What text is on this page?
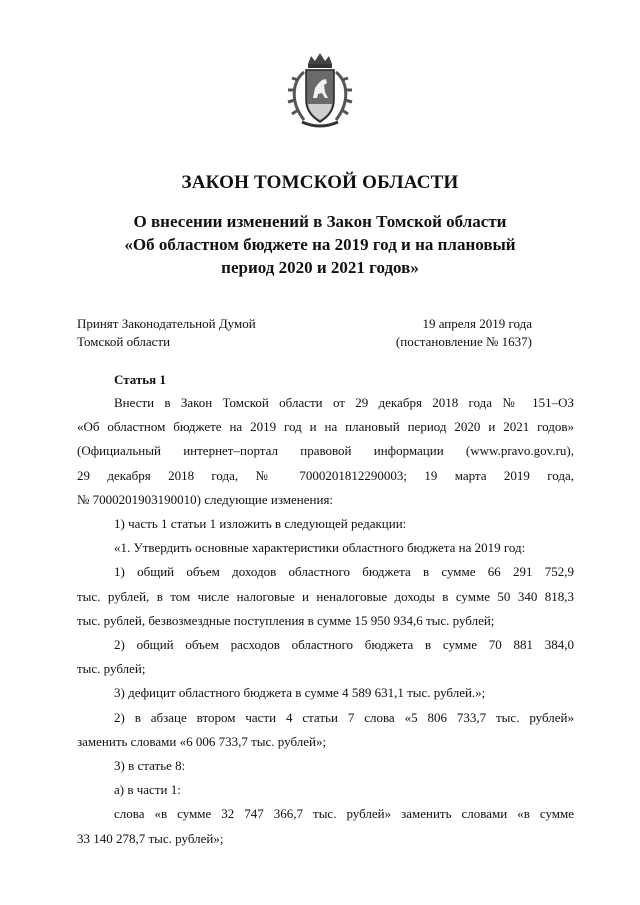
ЗАКОН ТОМСКОЙ ОБЛАСТИ
О внесении изменений в Закон Томской области
«Об областном бюджете на 2019 год и на плановый
период 2020 и 2021 годов»
Принят Законодательной Думой
Томской области
19 апреля 2019 года
(постановление № 1637)
Статья 1

Внести в Закон Томской области от 29 декабря 2018 года № 151–ОЗ

«Об областном бюджете на 2019 год и на плановый период 2020 и 2021 годов»

(Официальный интернет–портал правовой информации (www.pravo.gov.ru),

29 декабря 2018 года, № 7000201812290003; 19 марта 2019 года,

№ 7000201903190010) следующие изменения:

1) часть 1 статьи 1 изложить в следующей редакции:

«1. Утвердить основные характеристики областного бюджета на 2019 год:

1) общий объем доходов областного бюджета в сумме 66 291 752,9

тыс. рублей, в том числе налоговые и неналоговые доходы в сумме 50 340 818,3

тыс. рублей, безвозмездные поступления в сумме 15 950 934,6 тыс. рублей;

2) общий объем расходов областного бюджета в сумме 70 881 384,0

тыс. рублей;

3) дефицит областного бюджета в сумме 4 589 631,1 тыс. рублей.»;

2) в абзаце втором части 4 статьи 7 слова «5 806 733,7 тыс. рублей»

заменить словами «6 006 733,7 тыс. рублей»;

3) в статье 8:

а) в части 1:

слова «в сумме 32 747 366,7 тыс. рублей» заменить словами «в сумме

33 140 278,7 тыс. рублей»;
